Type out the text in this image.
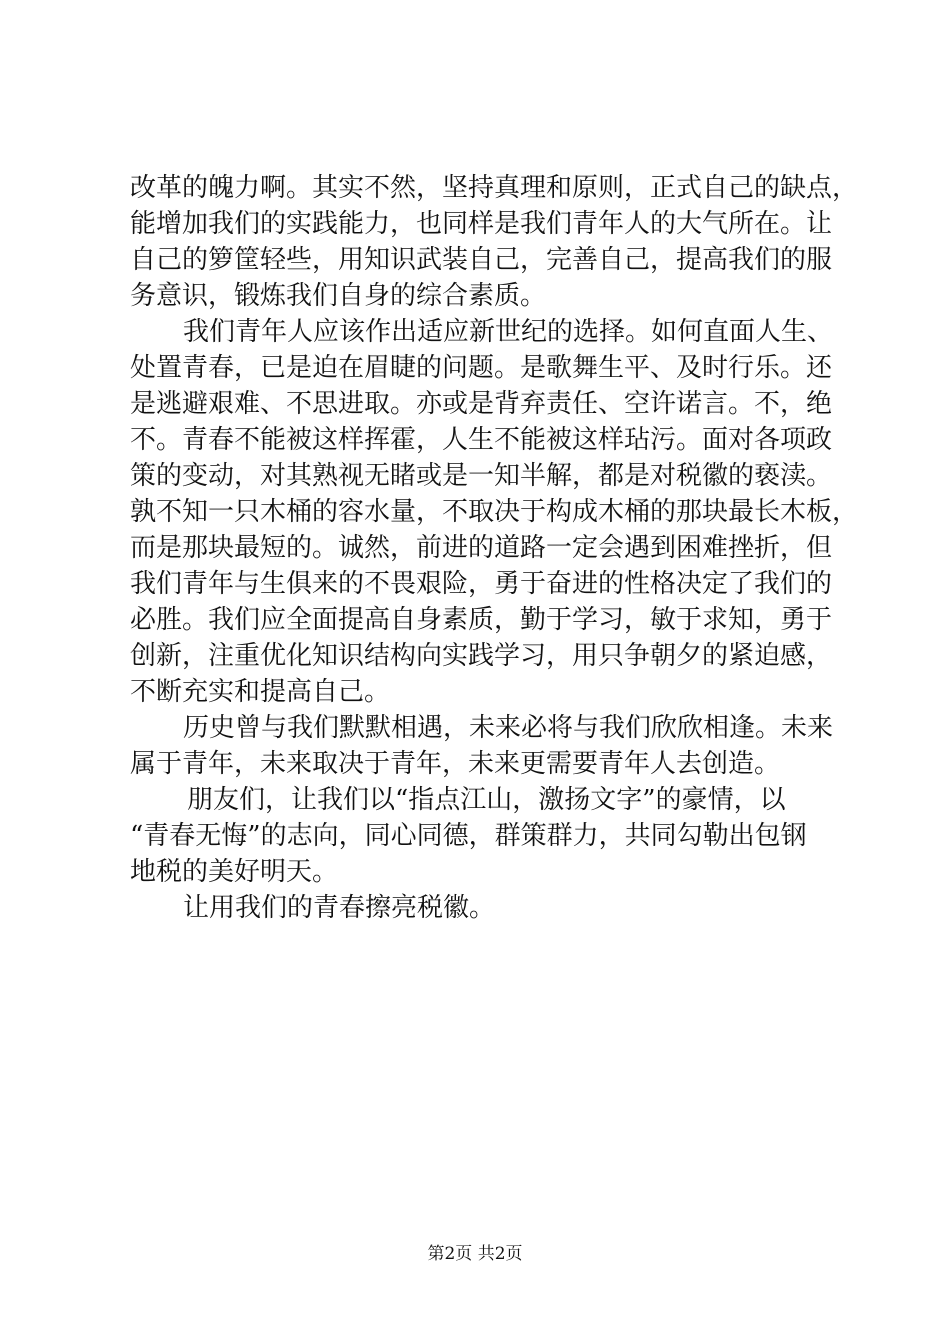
改革的魄力啊。其实不然，坚持真理和原则，正式自己的缺点，
能增加我们的实践能力，也同样是我们青年人的大气所在。让
自己的箩筐轻些，用知识武装自己，完善自己，提高我们的服
务意识，锻炼我们自身的综合素质。
我们青年人应该作出适应新世纪的选择。如何直面人生、
处置青春，已是迫在眉睫的问题。是歌舞生平、及时行乐。还
是逃避艰难、不思进取。亦或是背弃责任、空许诺言。不，绝
不。青春不能被这样挥霍，人生不能被这样玷污。面对各项政
策的变动，对其熟视无睹或是一知半解，都是对税徽的亵渎。
孰不知一只木桶的容水量，不取决于构成木桶的那块最长木板，
而是那块最短的。诚然，前进的道路一定会遇到困难挫折，但
我们青年与生俱来的不畏艰险，勇于奋进的性格决定了我们的
必胜。我们应全面提高自身素质，勤于学习，敏于求知，勇于
创新，注重优化知识结构向实践学习，用只争朝夕的紧迫感，
不断充实和提高自己。
历史曾与我们默默相遇，未来必将与我们欣欣相逢。未来
属于青年，未来取决于青年，未来更需要青年人去创造。
朋友们，让我们以“指点江山，激扬文字”的豪情，以
“青春无悔”的志向，同心同德，群策群力，共同勾勒出包钢
地税的美好明天。
让用我们的青春擦亮税徽。
第2页 共2页
